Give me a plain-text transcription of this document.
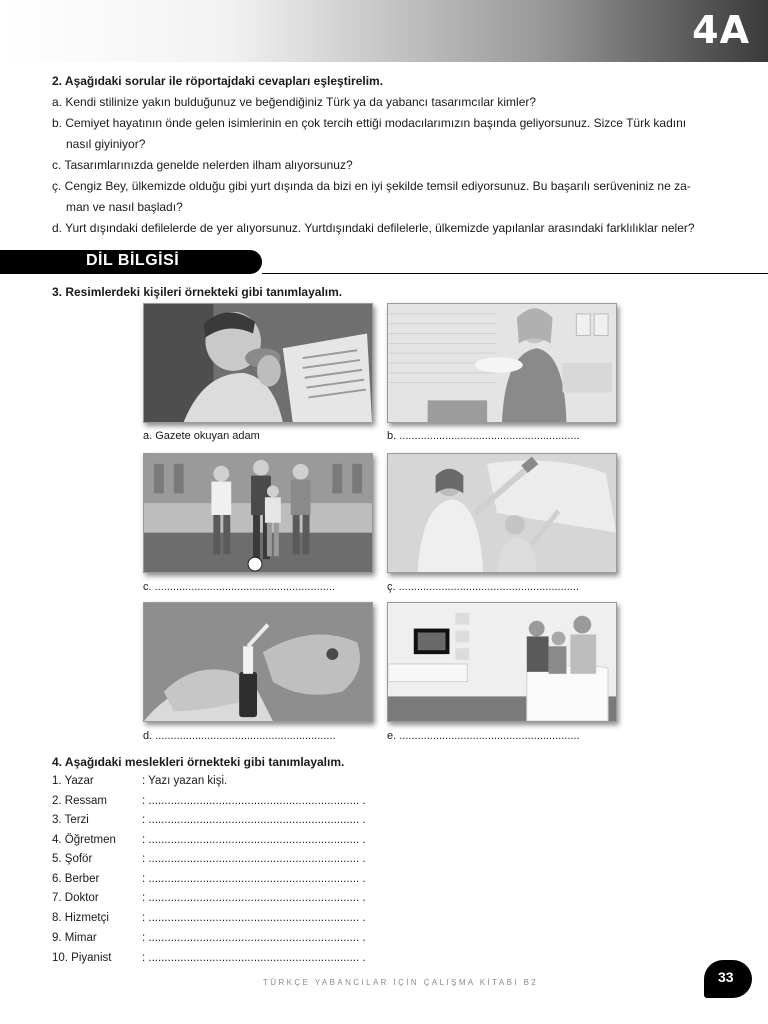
4A
2. Aşağıdaki sorular ile röportajdaki cevapları eşleştirelim.
a. Kendi stilinize yakın bulduğunuz ve beğendiğiniz Türk ya da yabancı tasarımcılar kimler?
b. Cemiyet hayatının önde gelen isimlerinin en çok tercih ettiği modacılarımızın başında geliyorsunuz. Sizce Türk kadını
nasıl giyiniyor?
c. Tasarımlarınızda genelde nelerden ilham alıyorsunuz?
ç. Cengiz Bey, ülkemizde olduğu gibi yurt dışında da bizi en iyi şekilde temsil ediyorsunuz. Bu başarılı serüveniniz ne za-
man ve nasıl başladı?
d. Yurt dışındaki defilelerde de yer alıyorsunuz. Yurtdışındaki defilelerle, ülkemizde yapılanlar arasındaki farklılıklar neler?
DİL BİLGİSİ
3. Resimlerdeki kişileri örnekteki gibi tanımlayalım.
a. Gazete okuyan adam	b. ...........................................................
c. ...........................................................	ç. ...........................................................
d. ...........................................................	e. ...........................................................
4. Aşağıdaki meslekleri örnekteki gibi tanımlayalım.
1. Yazar	: Yazı yazan kişi.
2. Ressam	: .................................................................. .
3. Terzi	: .................................................................. .
4. Öğretmen : .................................................................. .
5. Şoför	: .................................................................. .
6. Berber	: .................................................................. .
7. Doktor	: .................................................................. .
8. Hizmetçi	: .................................................................. .
9. Mimar	: .................................................................. .
10. Piyanist	: .................................................................. .
TÜRKÇE YABANCILAR İÇİN ÇALIŞMA KİTABI B2	33
